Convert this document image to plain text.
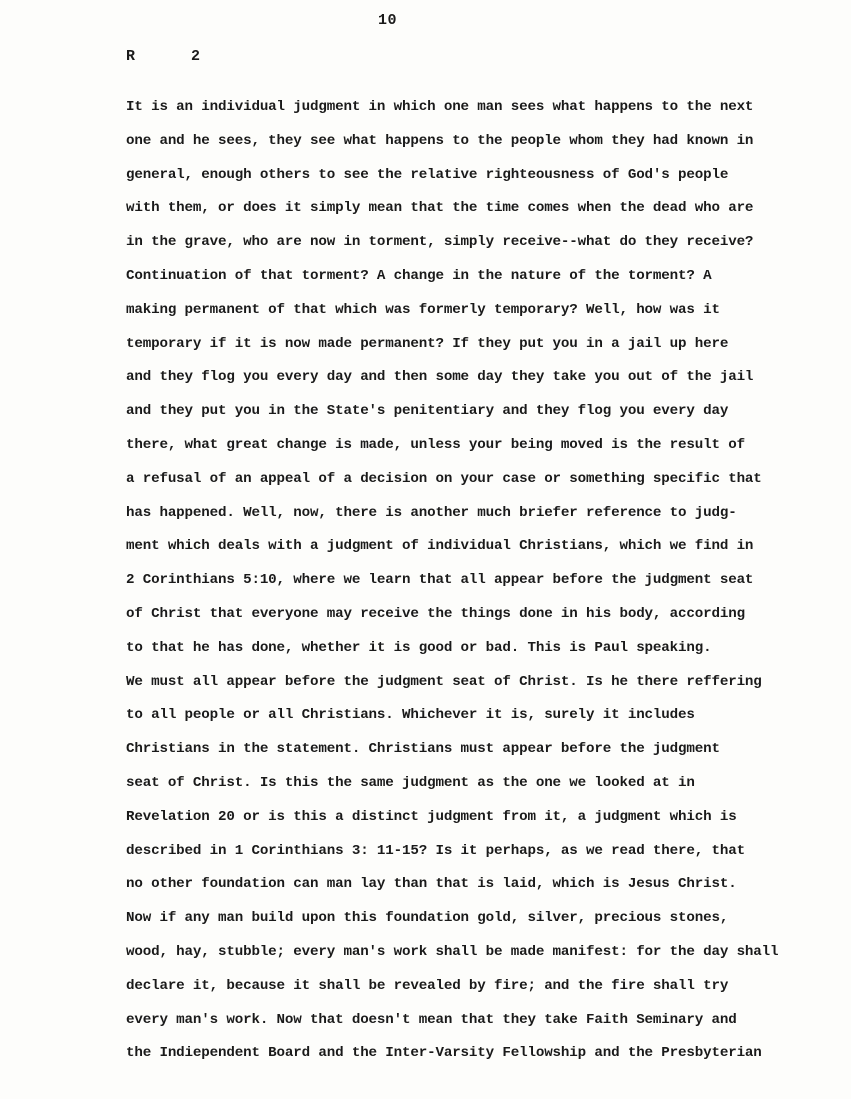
10
R	2
It is an individual judgment in which one man sees what happens to the next
one and he sees, they see what happens to the people whom they had known in
general, enough others to see the relative righteousness of God's people
with them, or does it simply mean that the time comes when the dead who are
in the grave, who are now in torment, simply receive--what do they receive?
Continuation of that torment? A change in the nature of the torment? A
making permanent of that which was formerly temporary? Well, how was it
temporary if it is now made permanent? If they put you in a jail up here
and they flog you every day and then some day they take you out of the jail
and they put you in the State's penitentiary and they flog you every day
there, what great change is made, unless your being moved is the result of
a refusal of an appeal of a decision on your case or something specific that
has happened. Well, now, there is another much briefer reference to judg-
ment which deals with a judgment of individual Christians, which we find in
2 Corinthians 5:10, where we learn that all appear before the judgment seat
of Christ that everyone may receive the things done in his body, according
to that he has done, whether it is good or bad. This is Paul speaking.
We must all appear before the judgment seat of Christ. Is he there reffering
to all people or all Christians. Whichever it is, surely it includes
Christians in the statement. Christians must appear before the judgment
seat of Christ. Is this the same judgment as the one we looked at in
Revelation 20 or is this a distinct judgment from it, a judgment which is
described in 1 Corinthians 3: 11-15? Is it perhaps, as we read there, that
no other foundation can man lay than that is laid, which is Jesus Christ.
Now if any man build upon this foundation gold, silver, precious stones,
wood, hay, stubble; every man's work shall be made manifest: for the day shall
declare it, because it shall be revealed by fire; and the fire shall try
every man's work. Now that doesn't mean that they take Faith Seminary and
the Indiependent Board and the Inter-Varsity Fellowship and the Presbyterian
